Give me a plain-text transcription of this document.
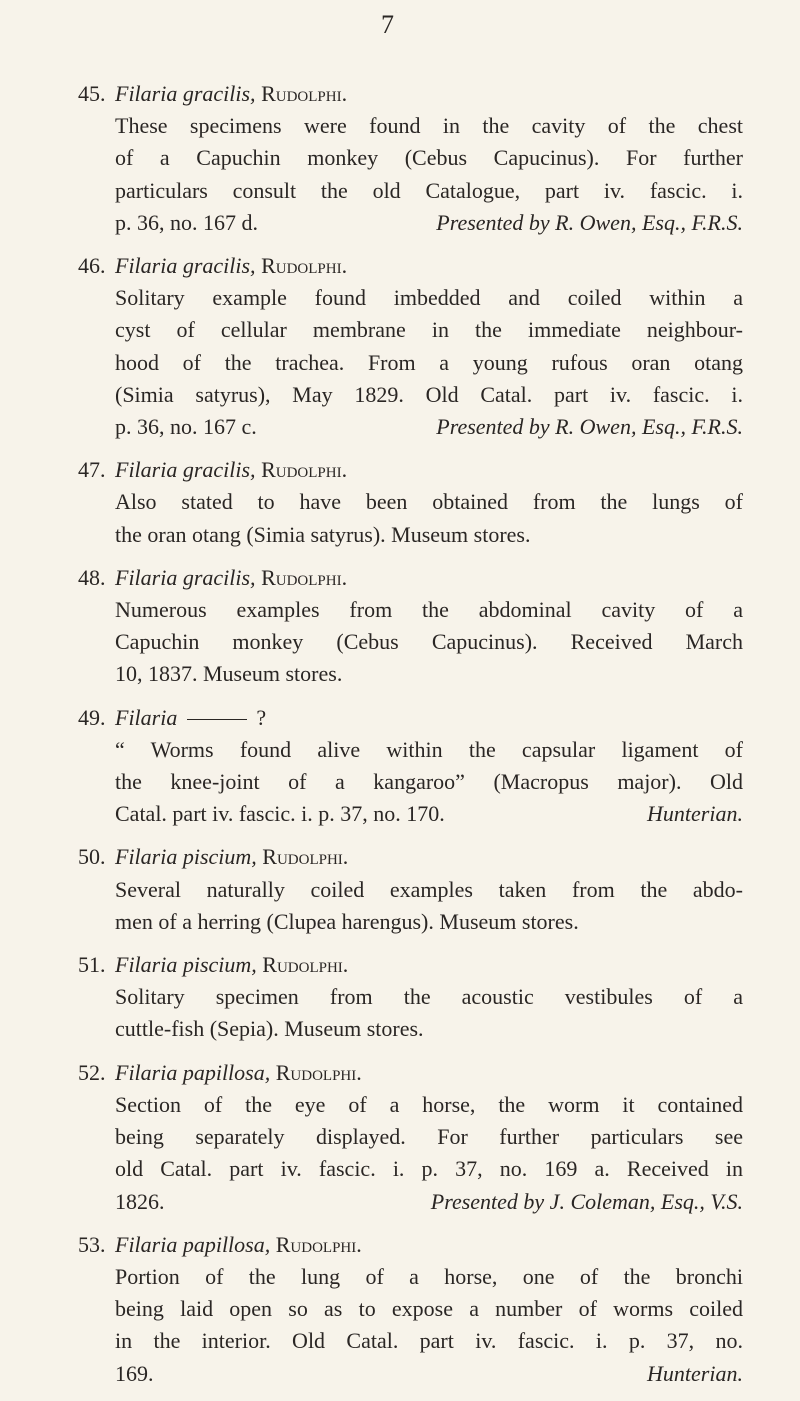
7
45. Filaria gracilis, Rudolphi.
These specimens were found in the cavity of the chest
of a Capuchin monkey (Cebus Capucinus). For further
particulars consult the old Catalogue, part iv. fascic. i.
p. 36, no. 167 d.	Presented by R. Owen, Esq., F.R.S.
46. Filaria gracilis, Rudolphi.
Solitary example found imbedded and coiled within a
cyst of cellular membrane in the immediate neighbour-
hood of the trachea. From a young rufous oran otang
(Simia satyrus), May 1829. Old Catal. part iv. fascic. i.
p. 36, no. 167 c.	Presented by R. Owen, Esq., F.R.S.
47. Filaria gracilis, Rudolphi.
Also stated to have been obtained from the lungs of
the oran otang (Simia satyrus). Museum stores.
48. Filaria gracilis, Rudolphi.
Numerous examples from the abdominal cavity of a
Capuchin monkey (Cebus Capucinus). Received March
10, 1837. Museum stores.
49. Filaria	?
“ Worms found alive within the capsular ligament of
the knee-joint of a kangaroo” (Macropus major). Old
Catal. part iv. fascic. i. p. 37, no. 170.	Hunterian.
50. Filaria piscium, Rudolphi.
Several naturally coiled examples taken from the abdo-
men of a herring (Clupea harengus). Museum stores.
51. Filaria piscium, Rudolphi.
Solitary specimen from the acoustic vestibules of a
cuttle-fish (Sepia). Museum stores.
52. Filaria papillosa, Rudolphi.
Section of the eye of a horse, the worm it contained
being separately displayed. For further particulars see
old Catal. part iv. fascic. i. p. 37, no. 169 a. Received in
1826.	Presented by J. Coleman, Esq., V.S.
53. Filaria papillosa, Rudolphi.
Portion of the lung of a horse, one of the bronchi
being laid open so as to expose a number of worms coiled
in the interior. Old Catal. part iv. fascic. i. p. 37, no.
169.	Hunterian.
